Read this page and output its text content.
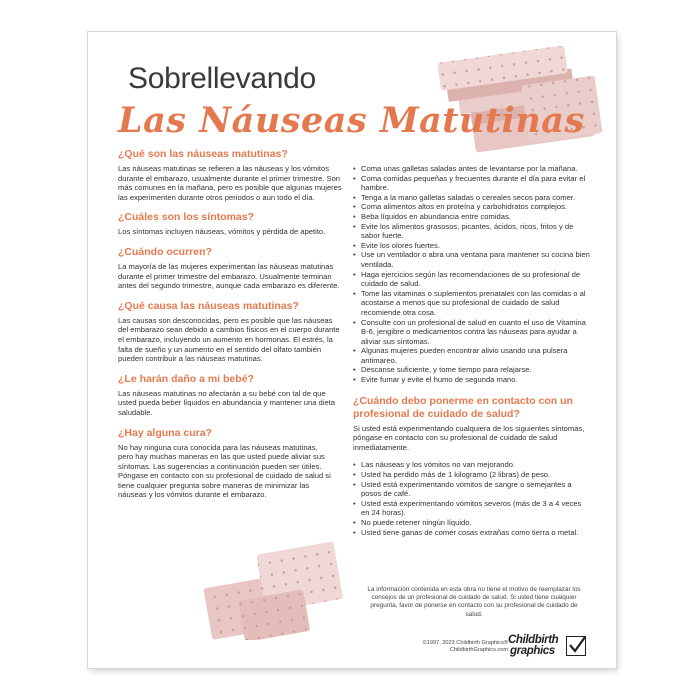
Sobrellevando
Las Náuseas Matutinas
¿Qué son las náuseas matutinas?
Las náuseas matutinas se refieren a las náuseas y los vómitos durante el embarazo, usualmente durante el primer trimestre. Son más comunes en la mañana, pero es posible que algunas mujeres las experimenten durante otros periodos o aun todo el día.
¿Cuáles son los síntomas?
Los síntomas incluyen náuseas, vómitos y pérdida de apetito.
¿Cuándo ocurren?
La mayoría de las mujeres experimentan las náuseas matutinas durante el primer trimestre del embarazo. Usualmente terminan antes del segundo trimestre, aunque cada embarazo es diferente.
¿Qué causa las náuseas matutinas?
Las causas son desconocidas, pero es posible que las náuseas del embarazo sean debido a cambios físicos en el cuerpo durante el embarazo, incluyendo un aumento en hormonas. El estrés, la falta de sueño y un aumento en el sentido del olfato también pueden contribuir a las náuseas matutinas.
¿Le harán daño a mi bebé?
Las náuseas matutinas no afectarán a su bebé con tal de que usted pueda beber líquidos en abundancia y mantener una dieta saludable.
¿Hay alguna cura?
No hay ninguna cura conocida para las náuseas matutinas, pero hay muchas maneras en las que usted puede aliviar sus síntomas. Las sugerencias a continuación pueden ser útiles. Póngase en contacto con su profesional de cuidado de salud si tiene cualquier pregunta sobre maneras de minimizar las náuseas y los vómitos durante el embarazo.
• Coma unas galletas saladas antes de levantarse por la mañana.
• Coma comidas pequeñas y frecuentes durante el día para evitar el hambre.
• Tenga a la mano galletas saladas o cereales secos para comer.
• Coma alimentos altos en proteína y carbohidratos complejos.
• Beba líquidos en abundancia entre comidas.
• Evite los alimentos grasosos, picantes, ácidos, ricos, fritos y de sabor fuerte.
• Evite los olores fuertes.
• Use un ventilador o abra una ventana para mantener su cocina bien ventilada.
• Haga ejercicios según las recomendaciones de su profesional de cuidado de salud.
• Tome las vitaminas o suplementos prenatales con las comidas o al acostarse a menos que su profesional de cuidado de salud recomiende otra cosa.
• Consulte con un profesional de salud en cuanto el uso de Vitamina B-6, jengibre o medicamentos contra las náuseas para ayudar a aliviar sus síntomas.
• Algunas mujeres pueden encontrar alivio usando una pulsera antimareo.
• Descanse suficiente, y tome tiempo para relajarse.
• Evite fumar y evite el humo de segunda mano.
¿Cuándo debo ponerme en contacto con un profesional de cuidado de salud?
Si usted está experimentando cualquiera de los siguientes síntomas, póngase en contacto con su profesional de cuidado de salud inmediatamente.
• Las náuseas y los vómitos no van mejorando.
• Usted ha perdido más de 1 kilogramo (2 libras) de peso.
• Usted está experimentando vómitos de sangre o semejantes a posos de café.
• Usted está experimentando vómitos severos (más de 3 a 4 veces en 24 horas).
• No puede retener ningún líquido.
• Usted tiene ganas de comer cosas extrañas como tierra o metal.
La información contenida en esta obra no tiene el motivo de reemplazar los consejos de un profesional de cuidado de salud. Si usted tiene cualquier pregunta, favor de ponerse en contacto con su profesional de cuidado de salud.
©1997, 2023 Childbirth Graphics®
ChildbirthGraphics.com
Childbirth
graphics
